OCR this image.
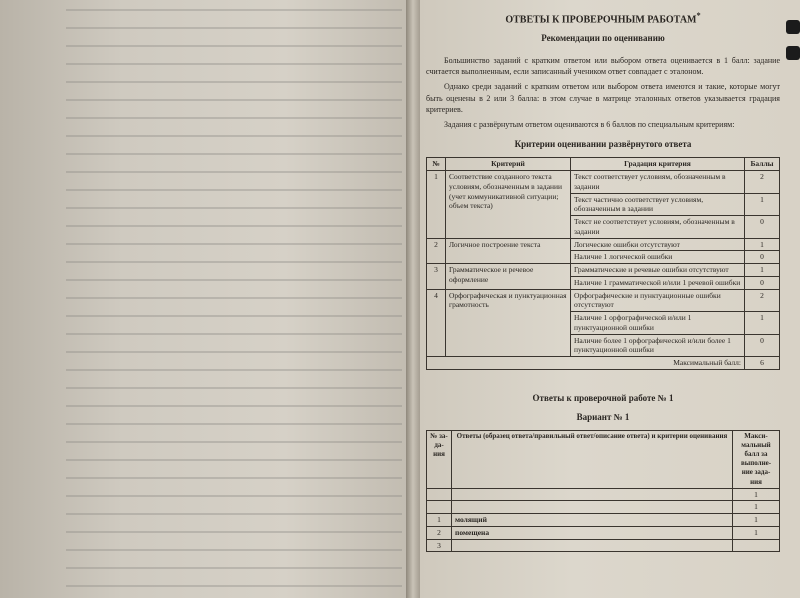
ОТВЕТЫ К ПРОВЕРОЧНЫМ РАБОТАМ*
Рекомендации по оцениванию

Большинство заданий с кратким ответом или выбором ответа оценивается в 1 балл: задание считается выполненным, если записанный учеником ответ совпадает с эталоном.

Однако среди заданий с кратким ответом или выбором ответа имеются и такие, которые могут быть оценены в 2 или 3 балла: в этом случае в матрице эталонных ответов указывается градация критериев.

Задания с развёрнутым ответом оцениваются в 6 баллов по специальным критериям:

Критерии оценивании развёрнутого ответа
№	Критерий	Градация критерия	Баллы
1	Соответствие созданного текста условиям, обозначенным в задании (учет коммуникативной ситуации; объем текста)	Текст соответствует условиям, обозначенным в задании	2
		Текст частично соответствует условиям, обозначенным в задании	1
		Текст не соответствует условиям, обозначенным в задании	0
2	Логичное построение текста	Логические ошибки отсутствуют	1
		Наличие 1 логической ошибки	0
3	Грамматическое и речевое оформление	Грамматические и речевые ошибки отсутствуют	1
		Наличие 1 грамматической и/или 1 речевой ошибки	0
4	Орфографическая и пунктуационная грамотность	Орфографические и пунктуационные ошибки отсутствуют	2
		Наличие 1 орфографической и/или 1 пунктуационной ошибки	1
		Наличие более 1 орфографической и/или более 1 пунктуационной ошибки	0
Максимальный балл:			6
Ответы к проверочной работе № 1
Вариант № 1
№ за-да-ния	Ответы (образец ответа/правильный ответ/описание ответа) и критерии оценивания	Макси-мальный балл за выполне-ние зада-ния
		1
		1
1	молящий	1
2	помещена	1
3		
